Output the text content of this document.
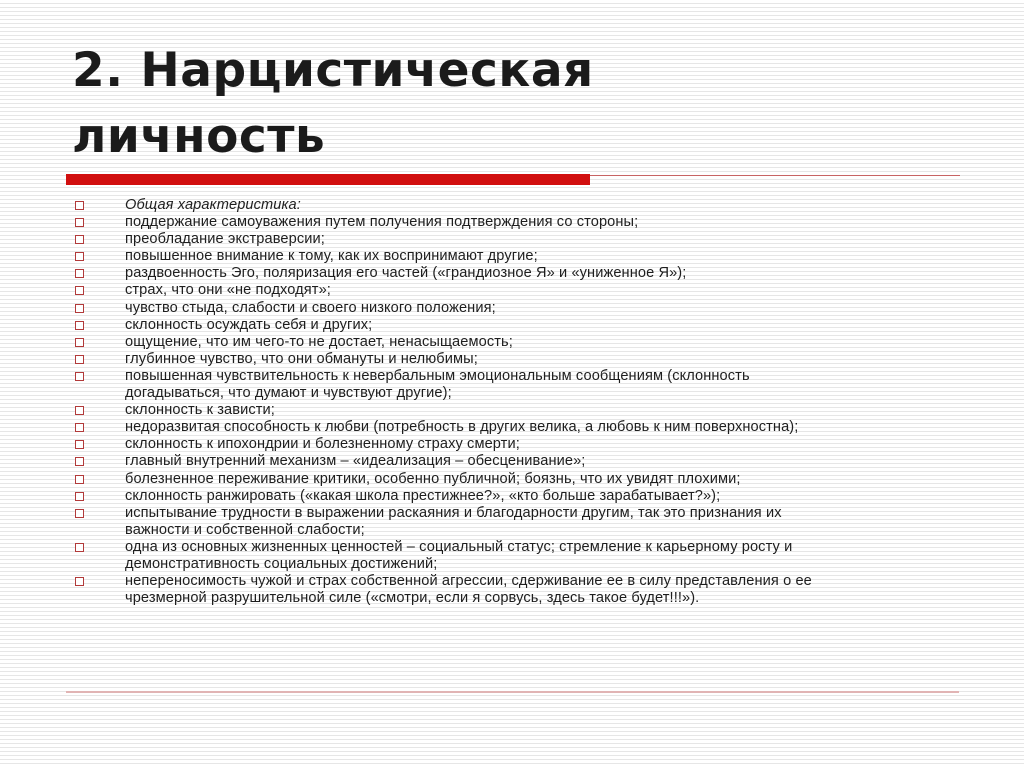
2. Нарцистическая
личность
Общая характеристика:
поддержание самоуважения путем получения подтверждения со стороны;
преобладание экстраверсии;
повышенное внимание к тому, как их воспринимают другие;
раздвоенность Эго, поляризация его частей («грандиозное Я» и «униженное Я»);
страх, что они «не подходят»;
чувство стыда, слабости и своего низкого положения;
склонность осуждать себя и других;
ощущение, что им чего-то не достает, ненасыщаемость;
глубинное чувство, что они обмануты и нелюбимы;
повышенная чувствительность к невербальным эмоциональным сообщениям (склонность
догадываться, что думают и чувствуют другие);
склонность к зависти;
недоразвитая способность к любви (потребность в других велика, а любовь к ним поверхностна);
склонность к ипохондрии и болезненному страху смерти;
главный внутренний механизм – «идеализация – обесценивание»;
болезненное переживание критики, особенно публичной; боязнь, что их увидят плохими;
склонность ранжировать («какая школа престижнее?», «кто больше зарабатывает?»);
испытывание трудности в выражении раскаяния и благодарности другим, так это признания их
важности и собственной слабости;
одна из основных жизненных ценностей – социальный статус; стремление к карьерному росту и
демонстративность социальных достижений;
непереносимость чужой и страх собственной агрессии, сдерживание ее в силу представления о ее
чрезмерной разрушительной силе («смотри, если я сорвусь, здесь такое будет!!!»).
